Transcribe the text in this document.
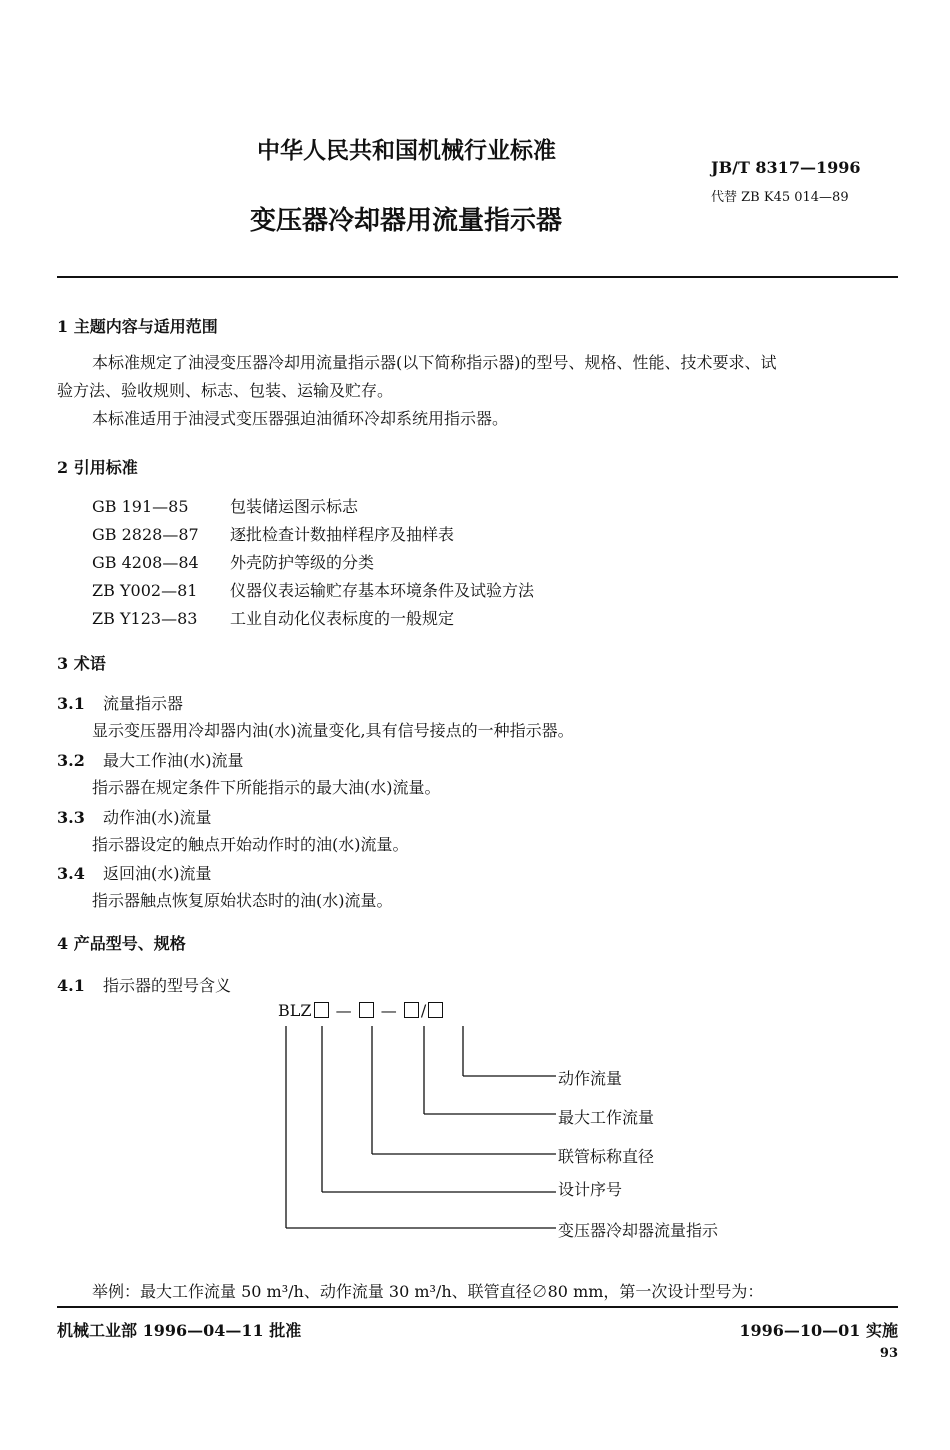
中华人民共和国机械行业标准
变压器冷却器用流量指示器
JB/T 8317—1996
代替 ZB K45 014—89
1 主题内容与适用范围
本标准规定了油浸变压器冷却用流量指示器(以下简称指示器)的型号、规格、性能、技术要求、试
验方法、验收规则、标志、包装、运输及贮存。
本标准适用于油浸式变压器强迫油循环冷却系统用指示器。
2 引用标准
GB 191—85	包装储运图示标志
GB 2828—87 逐批检查计数抽样程序及抽样表
GB 4208—84 外壳防护等级的分类
ZB Y002—81 仪器仪表运输贮存基本环境条件及试验方法
ZB Y123—83 工业自动化仪表标度的一般规定
3 术语
3.1 流量指示器
显示变压器用冷却器内油(水)流量变化,具有信号接点的一种指示器。
3.2 最大工作油(水)流量
指示器在规定条件下所能指示的最大油(水)流量。
3.3 动作油(水)流量
指示器设定的触点开始动作时的油(水)流量。
3.4 返回油(水)流量
指示器触点恢复原始状态时的油(水)流量。
4 产品型号、规格
4.1 指示器的型号含义
BLZ — — /
动作流量
最大工作流量
联管标称直径
设计序号
变压器冷却器流量指示
举例：最大工作流量 50 m³/h、动作流量 30 m³/h、联管直径∅80 mm，第一次设计型号为：
机械工业部 1996—04—11 批准	1996—10—01 实施
93
